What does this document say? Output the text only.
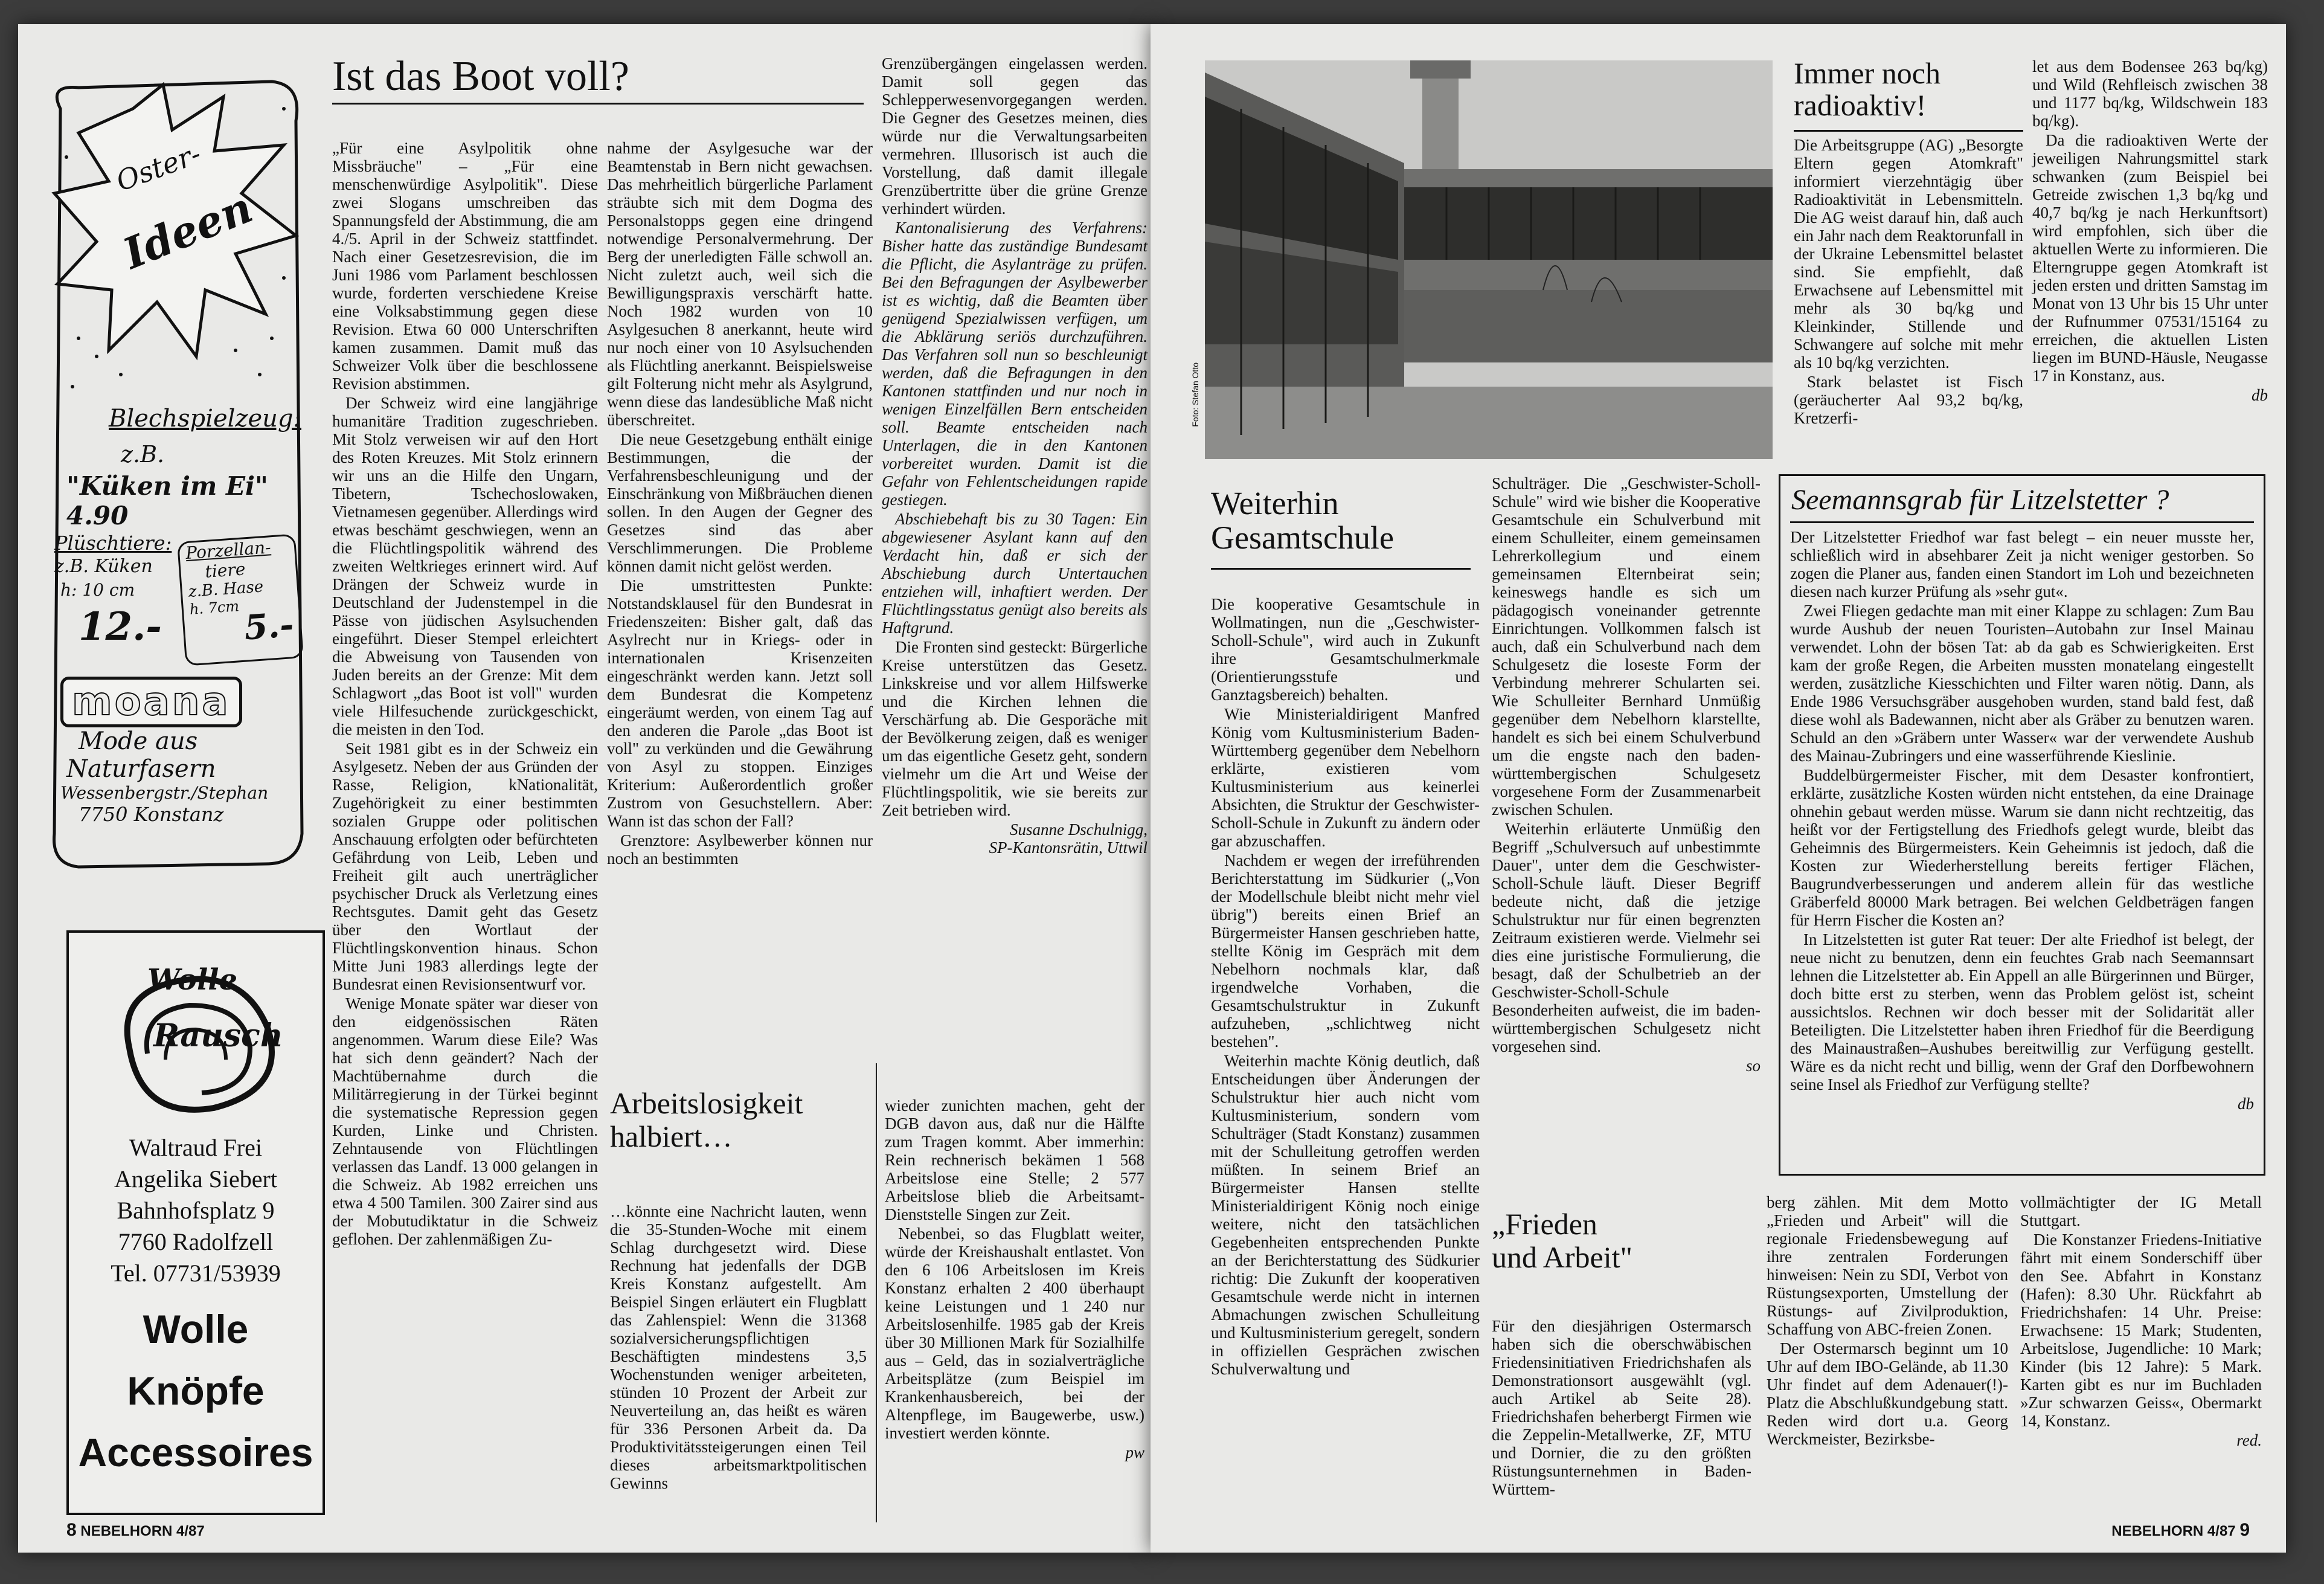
Oster-
Ideen
Blechspielzeug:
z.B.
"Küken im Ei" 4.90
Plüschtiere:
z.B. Küken
h: 10 cm
12.-
Porzellan-
tiere
z.B. Hase
h. 7cm 5.-
moana
Mode aus
Naturfasern
Wessenbergstr./Stephan
7750 Konstanz
Wolle
Rausch
Waltraud Frei
Angelika Siebert
Bahnhofsplatz 9
7760 Radolfzell
Tel. 07731/53939
Wolle
Knöpfe
Accessoires
Ist das Boot voll?

„Für eine Asylpolitik ohne Missbräuche" – „Für eine menschenwürdige Asylpolitik". Diese zwei Slogans umschreiben das Spannungsfeld der Abstimmung, die am 4./5. April in der Schweiz stattfindet. Nach einer Gesetzesrevision, die im Juni 1986 vom Parlament beschlossen wurde, forderten verschiedene Kreise eine Volksabstimmung gegen diese Revision. Etwa 60 000 Unterschriften kamen zusammen. Damit muß das Schweizer Volk über die beschlossene Revision abstimmen.

Der Schweiz wird eine langjährige humanitäre Tradition zugeschrieben. Mit Stolz verweisen wir auf den Hort des Roten Kreuzes. Mit Stolz erinnern wir uns an die Hilfe den Ungarn, Tibetern, Tschechoslowaken, Vietnamesen gegenüber. Allerdings wird etwas beschämt geschwiegen, wenn an die Flüchtlingspolitik während des zweiten Weltkrieges erinnert wird. Auf Drängen der Schweiz wurde in Deutschland der Judenstempel in die Pässe von jüdischen Asylsuchenden eingeführt. Dieser Stempel erleichtert die Abweisung von Tausenden von Juden bereits an der Grenze: Mit dem Schlagwort „das Boot ist voll" wurden viele Hilfesuchende zurückgeschickt, die meisten in den Tod.

Seit 1981 gibt es in der Schweiz ein Asylgesetz. Neben der aus Gründen der Rasse, Religion, kNationalität, Zugehörigkeit zu einer bestimmten sozialen Gruppe oder politischen Anschauung erfolgten oder befürchteten Gefährdung von Leib, Leben und Freiheit gilt auch unerträglicher psychischer Druck als Verletzung eines Rechtsgutes. Damit geht das Gesetz über den Wortlaut der Flüchtlingskonvention hinaus. Schon Mitte Juni 1983 allerdings legte der Bundesrat einen Revisionsentwurf vor.

Wenige Monate später war dieser von den eidgenössischen Räten angenommen. Warum diese Eile? Was hat sich denn geändert? Nach der Machtübernahme durch die Militärregierung in der Türkei beginnt die systematische Repression gegen Kurden, Linke und Christen. Zehntausende von Flüchtlingen verlassen das Landf. 13 000 gelangen in die Schweiz. Ab 1982 erreichen uns etwa 4 500 Tamilen. 300 Zairer sind aus der Mobutudiktatur in die Schweiz geflohen. Der zahlenmäßigen Zu-

nahme der Asylgesuche war der Beamtenstab in Bern nicht gewachsen. Das mehrheitlich bürgerliche Parlament sträubte sich mit dem Dogma des Personalstopps gegen eine dringend notwendige Personalvermehrung. Der Berg der unerledigten Fälle schwoll an. Nicht zuletzt auch, weil sich die Bewilligungspraxis verschärft hatte. Noch 1982 wurden von 10 Asylgesuchen 8 anerkannt, heute wird nur noch einer von 10 Asylsuchenden als Flüchtling anerkannt. Beispielsweise gilt Folterung nicht mehr als Asylgrund, wenn diese das landesübliche Maß nicht überschreitet.

Die neue Gesetzgebung enthält einige Bestimmungen, die der Verfahrensbeschleunigung und der Einschränkung von Mißbräuchen dienen sollen. In den Augen der Gegner des Gesetzes sind das aber Verschlimmerungen. Die Probleme können damit nicht gelöst werden.

Die umstrittesten Punkte: Notstandsklausel für den Bundesrat in Friedenszeiten: Bisher galt, daß das Asylrecht nur in Kriegs- oder in internationalen Krisenzeiten eingeschränkt werden kann. Jetzt soll dem Bundesrat die Kompetenz eingeräumt werden, von einem Tag auf den anderen die Parole „das Boot ist voll" zu verkünden und die Gewährung von Asyl zu stoppen. Einziges Kriterium: Außerordentlich großer Zustrom von Gesuchstellern. Aber: Wann ist das schon der Fall?

Grenztore: Asylbewerber können nur noch an bestimmten

Grenzübergängen eingelassen werden. Damit soll gegen das Schlepperwesenvorgegangen werden. Die Gegner des Gesetzes meinen, dies würde nur die Verwaltungsarbeiten vermehren. Illusorisch ist auch die Vorstellung, daß damit illegale Grenzübertritte über die grüne Grenze verhindert würden.

Kantonalisierung des Verfahrens: Bisher hatte das zuständige Bundesamt die Pflicht, die Asylanträge zu prüfen. Bei den Befragungen der Asylbewerber ist es wichtig, daß die Beamten über genügend Spezialwissen verfügen, um die Abklärung seriös durchzuführen. Das Verfahren soll nun so beschleunigt werden, daß die Befragungen in den Kantonen stattfinden und nur noch in wenigen Einzelfällen Bern entscheiden soll. Beamte entscheiden nach Unterlagen, die in den Kantonen vorbereitet wurden. Damit ist die Gefahr von Fehlentscheidungen rapide gestiegen.

Abschiebehaft bis zu 30 Tagen: Ein abgewiesener Asylant kann auf den Verdacht hin, daß er sich der Abschiebung durch Untertauchen entziehen will, inhaftiert werden. Der Flüchtlingsstatus genügt also bereits als Haftgrund.

Die Fronten sind gesteckt: Bürgerliche Kreise unterstützen das Gesetz. Linkskreise und vor allem Hilfswerke und die Kirchen lehnen die Verschärfung ab. Die Gesporäche mit der Bevölkerung zeigen, daß es weniger um das eigentliche Gesetz geht, sondern vielmehr um die Art und Weise der Flüchtlingspolitik, wie sie bereits zur Zeit betrieben wird.

Susanne Dschulnigg,
SP-Kantonsrätin, Uttwil
Arbeitslosigkeit
halbiert…

…könnte eine Nachricht lauten, wenn die 35-Stunden-Woche mit einem Schlag durchgesetzt wird. Diese Rechnung hat jedenfalls der DGB Kreis Konstanz aufgestellt. Am Beispiel Singen erläutert ein Flugblatt das Zahlenspiel: Wenn die 31368 sozialversicherungspflichtigen Beschäftigten mindestens 3,5 Wochenstunden weniger arbeiteten, stünden 10 Prozent der Arbeit zur Neuverteilung an, das heißt es wären für 336 Personen Arbeit da. Da Produktivitätssteigerungen einen Teil dieses arbeitsmarktpolitischen Gewinns

wieder zunichten machen, geht der DGB davon aus, daß nur die Hälfte zum Tragen kommt. Aber immerhin: Rein rechnerisch bekämen 1 568 Arbeitslose eine Stelle; 2 577 Arbeitslose blieb die Arbeitsamt-Dienststelle Singen zur Zeit.

Nebenbei, so das Flugblatt weiter, würde der Kreishaushalt entlastet. Von den 6 106 Arbeitslosen im Kreis Konstanz erhalten 2 400 überhaupt keine Leistungen und 1 240 nur Arbeitslosenhilfe. 1985 gab der Kreis über 30 Millionen Mark für Sozialhilfe aus – Geld, das in sozialverträgliche Arbeitsplätze (zum Beispiel im Krankenhausbereich, bei der Altenpflege, im Baugewerbe, usw.) investiert werden könnte.

pw
8 NEBELHORN 4/87
Foto: Stefan Otto
Immer noch
radioaktiv!

Die Arbeitsgruppe (AG) „Besorgte Eltern gegen Atomkraft" informiert vierzehntägig über Radioaktivität in Lebensmitteln. Die AG weist darauf hin, daß auch ein Jahr nach dem Reaktorunfall in der Ukraine Lebensmittel belastet sind. Sie empfiehlt, daß Erwachsene auf Lebensmittel mit mehr als 30 bq/kg und Kleinkinder, Stillende und Schwangere auf solche mit mehr als 10 bq/kg verzichten.

Stark belastet ist Fisch (geräucherter Aal 93,2 bq/kg, Kretzerfi-

let aus dem Bodensee 263 bq/kg) und Wild (Rehfleisch zwischen 38 und 1177 bq/kg, Wildschwein 183 bq/kg).

Da die radioaktiven Werte der jeweiligen Nahrungsmittel stark schwanken (zum Beispiel bei Getreide zwischen 1,3 bq/kg und 40,7 bq/kg je nach Herkunftsort) wird empfohlen, sich über die aktuellen Werte zu informieren. Die Elterngruppe gegen Atomkraft ist jeden ersten und dritten Samstag im Monat von 13 Uhr bis 15 Uhr unter der Rufnummer 07531/15164 zu erreichen, die aktuellen Listen liegen im BUND-Häusle, Neugasse 17 in Konstanz, aus.

db
Weiterhin
Gesamtschule

Die kooperative Gesamtschule in Wollmatingen, nun die „Geschwister-Scholl-Schule", wird auch in Zukunft ihre Gesamtschulmerkmale (Orientierungsstufe und Ganztagsbereich) behalten.

Wie Ministerialdirigent Manfred König vom Kultusministerium Baden-Württemberg gegenüber dem Nebelhorn erklärte, existieren vom Kultusministerium aus keinerlei Absichten, die Struktur der Geschwister-Scholl-Schule in Zukunft zu ändern oder gar abzuschaffen.

Nachdem er wegen der irreführenden Berichterstattung im Südkurier („Von der Modellschule bleibt nicht mehr viel übrig") bereits einen Brief an Bürgermeister Hansen geschrieben hatte, stellte König im Gespräch mit dem Nebelhorn nochmals klar, daß irgendwelche Vorhaben, die Gesamtschulstruktur in Zukunft aufzuheben, „schlichtweg nicht bestehen".

Weiterhin machte König deutlich, daß Entscheidungen über Änderungen der Schulstruktur hier auch nicht vom Kultusministerium, sondern vom Schulträger (Stadt Konstanz) zusammen mit der Schulleitung getroffen werden müßten. In seinem Brief an Bürgermeister Hansen stellte Ministerialdirigent König noch einige weitere, nicht den tatsächlichen Gegebenheiten entsprechenden Punkte an der Berichterstattung des Südkurier richtig: Die Zukunft der kooperativen Gesamtschule werde nicht in internen Abmachungen zwischen Schulleitung und Kultusministerium geregelt, sondern in offiziellen Gesprächen zwischen Schulverwaltung und

Schulträger. Die „Geschwister-Scholl-Schule" wird wie bisher die Kooperative Gesamtschule ein Schulverbund mit einem Schulleiter, einem gemeinsamen Lehrerkollegium und einem gemeinsamen Elternbeirat sein; keineswegs handle es sich um pädagogisch voneinander getrennte Einrichtungen. Vollkommen falsch ist auch, daß ein Schulverbund nach dem Schulgesetz die loseste Form der Verbindung mehrerer Schularten sei. Wie Schulleiter Bernhard Unmüßig gegenüber dem Nebelhorn klarstellte, handelt es sich bei einem Schulverbund um die engste nach den baden-württembergischen Schulgesetz vorgesehene Form der Zusammenarbeit zwischen Schulen.

Weiterhin erläuterte Unmüßig den Begriff „Schulversuch auf unbestimmte Dauer", unter dem die Geschwister-Scholl-Schule läuft. Dieser Begriff bedeute nicht, daß die jetzige Schulstruktur nur für einen begrenzten Zeitraum existieren werde. Vielmehr sei dies eine juristische Formulierung, die besagt, daß der Schulbetrieb an der Geschwister-Scholl-Schule Besonderheiten aufweist, die im baden-württembergischen Schulgesetz nicht vorgesehen sind.

so
Seemannsgrab für Litzelstetter ?

Der Litzelstetter Friedhof war fast belegt – ein neuer musste her, schließlich wird in absehbarer Zeit ja nicht weniger gestorben. So zogen die Planer aus, fanden einen Standort im Loh und bezeichneten diesen nach kurzer Prüfung als »sehr gut«.

Zwei Fliegen gedachte man mit einer Klappe zu schlagen: Zum Bau wurde Aushub der neuen Touristen–Autobahn zur Insel Mainau verwendet. Lohn der bösen Tat: ab da gab es Schwierigkeiten. Erst kam der große Regen, die Arbeiten mussten monatelang eingestellt werden, zusätzliche Kiesschichten und Filter waren nötig. Dann, als Ende 1986 Versuchsgräber ausgehoben wurden, stand bald fest, daß diese wohl als Badewannen, nicht aber als Gräber zu benutzen waren. Schuld an den »Gräbern unter Wasser« war der verwendete Aushub des Mainau-Zubringers und eine wasserführende Kieslinie.

Buddelbürgermeister Fischer, mit dem Desaster konfrontiert, erklärte, zusätzliche Kosten würden nicht entstehen, da eine Drainage ohnehin gebaut werden müsse. Warum sie dann nicht rechtzeitig, das heißt vor der Fertigstellung des Friedhofs gelegt wurde, bleibt das Geheimnis des Bürgermeisters. Kein Geheimnis ist jedoch, daß die Kosten zur Wiederherstellung bereits fertiger Flächen, Baugrundverbesserungen und anderem allein für das westliche Gräberfeld 80000 Mark betragen. Bei welchen Geldbeträgen fangen für Herrn Fischer die Kosten an?

In Litzelstetten ist guter Rat teuer: Der alte Friedhof ist belegt, der neue nicht zu benutzen, denn ein feuchtes Grab nach Seemannsart lehnen die Litzelstetter ab. Ein Appell an alle Bürgerinnen und Bürger, doch bitte erst zu sterben, wenn das Problem gelöst ist, scheint aussichtslos. Rechnen wir doch besser mit der Solidarität aller Beteiligten. Die Litzelstetter haben ihren Friedhof für die Beerdigung des Mainaustraßen–Aushubes bereitwillig zur Verfügung gestellt. Wäre es da nicht recht und billig, wenn der Graf den Dorfbewohnern seine Insel als Friedhof zur Verfügung stellte?

db
„Frieden
und Arbeit"

Für den diesjährigen Ostermarsch haben sich die oberschwäbischen Friedensinitiativen Friedrichshafen als Demonstrationsort ausgewählt (vgl. auch Artikel ab Seite 28). Friedrichshafen beherbergt Firmen wie die Zeppelin-Metallwerke, ZF, MTU und Dornier, die zu den größten Rüstungsunternehmen in Baden-Württem-

berg zählen. Mit dem Motto „Frieden und Arbeit" will die regionale Friedensbewegung auf ihre zentralen Forderungen hinweisen: Nein zu SDI, Verbot von Rüstungsexporten, Umstellung der Rüstungs- auf Zivilproduktion, Schaffung von ABC-freien Zonen.

Der Ostermarsch beginnt um 10 Uhr auf dem IBO-Gelände, ab 11.30 Uhr findet auf dem Adenauer(!)-Platz die Abschlußkundgebung statt. Reden wird dort u.a. Georg Werckmeister, Bezirksbe-

vollmächtigter der IG Metall Stuttgart.

Die Konstanzer Friedens-Initiative fährt mit einem Sonderschiff über den See. Abfahrt in Konstanz (Hafen): 8.30 Uhr. Rückfahrt ab Friedrichshafen: 14 Uhr. Preise: Erwachsene: 15 Mark; Studenten, Arbeitslose, Jugendliche: 10 Mark; Kinder (bis 12 Jahre): 5 Mark. Karten gibt es nur im Buchladen »Zur schwarzen Geiss«, Obermarkt 14, Konstanz.

red.
NEBELHORN 4/87 9
